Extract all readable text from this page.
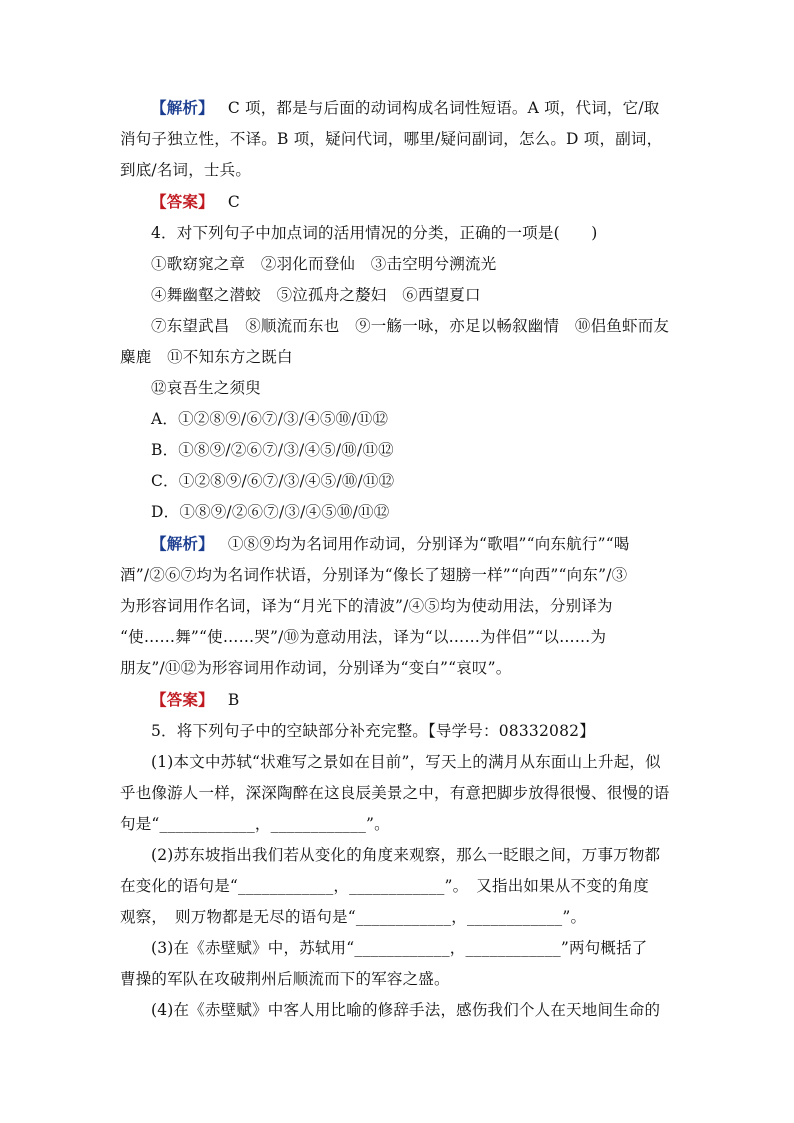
【解析】 C 项，都是与后面的动词构成名词性短语。A 项，代词，它/取
消句子独立性，不译。B 项，疑问代词，哪里/疑问副词，怎么。D 项，副词，
到底/名词，士兵。
【答案】 C
4．对下列句子中加点词的活用情况的分类，正确的一项是(　　)
①歌窈窕之章　②羽化而登仙　③击空明兮溯流光
④舞幽壑之潜蛟　⑤泣孤舟之嫠妇　⑥西望夏口
⑦东望武昌　⑧顺流而东也　⑨一觞一咏，亦足以畅叙幽情　⑩侣鱼虾而友
麋鹿　⑪不知东方之既白
⑫哀吾生之须臾
A．①②⑧⑨/⑥⑦/③/④⑤⑩/⑪⑫
B．①⑧⑨/②⑥⑦/③/④⑤/⑩/⑪⑫
C．①②⑧⑨/⑥⑦/③/④⑤/⑩/⑪⑫
D．①⑧⑨/②⑥⑦/③/④⑤⑩/⑪⑫
【解析】 ①⑧⑨均为名词用作动词，分别译为“歌唱”“向东航行”“喝
酒”/②⑥⑦均为名词作状语，分别译为“像长了翅膀一样”“向西”“向东”/③
为形容词用作名词，译为“月光下的清波”/④⑤均为使动用法，分别译为
“使……舞”“使……哭”/⑩为意动用法，译为“以……为伴侣”“以……为
朋友”/⑪⑫为形容词用作动词，分别译为“变白”“哀叹”。
【答案】 B
5．将下列句子中的空缺部分补充完整。【导学号：08332082】
(1)本文中苏轼“状难写之景如在目前”，写天上的满月从东面山上升起，似
乎也像游人一样，深深陶醉在这良辰美景之中，有意把脚步放得很慢、很慢的语
句是“____________，____________”。
(2)苏东坡指出我们若从变化的角度来观察，那么一眨眼之间，万事万物都
在变化的语句是“____________，____________”。　又指出如果从不变的角度
观察，　则万物都是无尽的语句是“____________，____________”。
(3)在《赤壁赋》中，苏轼用“____________，____________”两句概括了
曹操的军队在攻破荆州后顺流而下的军容之盛。
(4)在《赤壁赋》中客人用比喻的修辞手法，感伤我们个人在天地间生命的
